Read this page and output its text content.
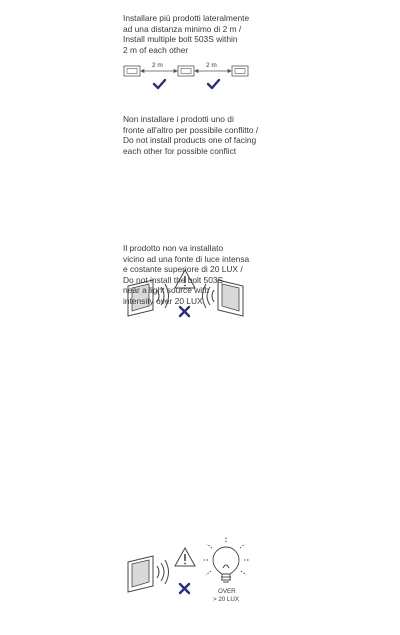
Installare più prodotti lateralmente
ad una distanza minimo di 2 m /
Install multiple bolt 503S within
2 m of each other
2 m	2 m
Non installare i prodotti uno di
fronte all'altro per possibile conflitto /
Do not install products one of facing
each other for possible conflict
Il prodotto non va installato
vicino ad una fonte di luce intensa
e costante superiore di 20 LUX /
Do not install the bolt 503S
near a light source with
intensity over 20 LUX
OVER
> 20 LUX
